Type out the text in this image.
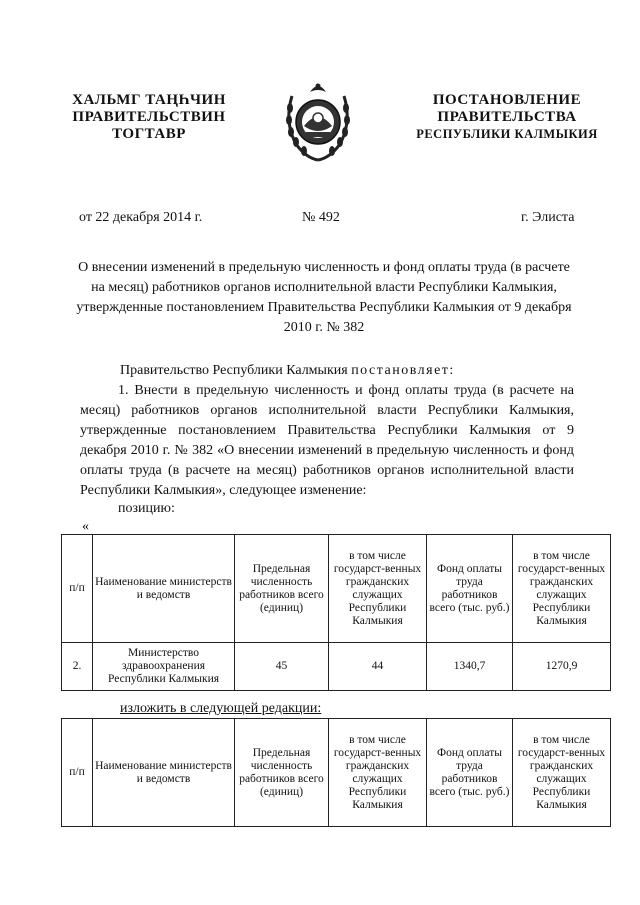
ХАЛЬМГ ТАҢҺЧИН
ПРАВИТЕЛЬСТВИН
ТОГТАВР
ПОСТАНОВЛЕНИЕ
ПРАВИТЕЛЬСТВА
РЕСПУБЛИКИ КАЛМЫКИЯ
от 22 декабря 2014 г.	№ 492	г. Элиста
О внесении изменений в предельную численность и фонд оплаты труда (в расчете на месяц) работников органов исполнительной власти Республики Калмыкия, утвержденные постановлением Правительства Республики Калмыкия от 9 декабря 2010 г. № 382
Правительство Республики Калмыкия постановляет:
1. Внести в предельную численность и фонд оплаты труда (в расчете на месяц) работников органов исполнительной власти Республики Калмыкия, утвержденные постановлением Правительства Республики Калмыкия от 9 декабря 2010 г. № 382 «О внесении изменений в предельную численность и фонд оплаты труда (в расчете на месяц) работников органов исполнительной власти Республики Калмыкия», следующее изменение:
позицию:
«
п/п	Наименование министерств и ведомств	Предельная численность работников всего (единиц)	в том числе государст-венных гражданских служащих Республики Калмыкия	Фонд оплаты труда работников всего (тыс. руб.)	в том числе государст-венных гражданских служащих Республики Калмыкия
2.	Министерство здравоохранения Республики Калмыкия	45	44	1340,7	1270,9
изложить в следующей редакции:
п/п	Наименование министерств и ведомств	Предельная численность работников всего (единиц)	в том числе государст-венных гражданских служащих Республики Калмыкия	Фонд оплаты труда работников всего (тыс. руб.)	в том числе государст-венных гражданских служащих Республики Калмыкия
